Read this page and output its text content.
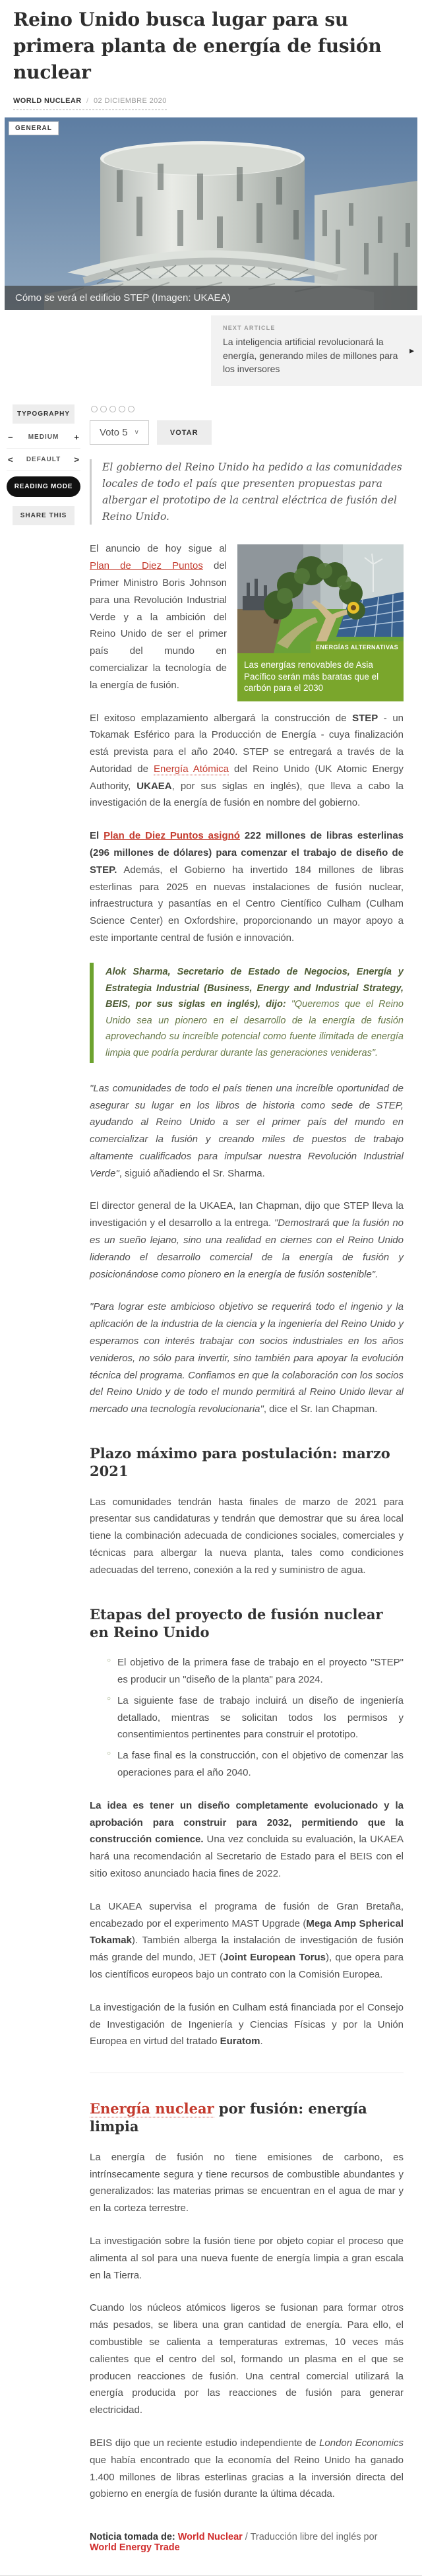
Reino Unido busca lugar para su primera planta de energía de fusión nuclear
WORLD NUCLEAR / 02 DICIEMBRE 2020
GENERAL
Cómo se verá el edificio STEP (Imagen: UKAEA)
NEXT ARTICLE
La inteligencia artificial revolucionará la energía, generando miles de millones para los inversores
▶
TYPOGRAPHY
− MEDIUM +
< DEFAULT >
READING MODE
SHARE THIS
Voto 5 ∨	VOTAR
El gobierno del Reino Unido ha pedido a las comunidades locales de todo el país que presenten propuestas para albergar el prototipo de la central eléctrica de fusión del Reino Unido.
ENERGÍAS ALTERNATIVAS
Las energías renovables de Asia Pacífico serán más baratas que el carbón para el 2030

El anuncio de hoy sigue al Plan de Diez Puntos del Primer Ministro Boris Johnson para una Revolución Industrial Verde y a la ambición del Reino Unido de ser el primer país del mundo en comercializar la tecnología de la energía de fusión.

El exitoso emplazamiento albergará la construcción de STEP - un Tokamak Esférico para la Producción de Energía - cuya finalización está prevista para el año 2040. STEP se entregará a través de la Autoridad de Energía Atómica del Reino Unido (UK Atomic Energy Authority, UKAEA, por sus siglas en inglés), que lleva a cabo la investigación de la energía de fusión en nombre del gobierno.

El Plan de Diez Puntos asignó 222 millones de libras esterlinas (296 millones de dólares) para comenzar el trabajo de diseño de STEP. Además, el Gobierno ha invertido 184 millones de libras esterlinas para 2025 en nuevas instalaciones de fusión nuclear, infraestructura y pasantías en el Centro Científico Culham (Culham Science Center) en Oxfordshire, proporcionando un mayor apoyo a este importante central de fusión e innovación.

Alok Sharma, Secretario de Estado de Negocios, Energía y Estrategia Industrial (Business, Energy and Industrial Strategy, BEIS, por sus siglas en inglés), dijo: "Queremos que el Reino Unido sea un pionero en el desarrollo de la energía de fusión aprovechando su increíble potencial como fuente ilimitada de energía limpia que podría perdurar durante las generaciones venideras".

"Las comunidades de todo el país tienen una increíble oportunidad de asegurar su lugar en los libros de historia como sede de STEP, ayudando al Reino Unido a ser el primer país del mundo en comercializar la fusión y creando miles de puestos de trabajo altamente cualificados para impulsar nuestra Revolución Industrial Verde", siguió añadiendo el Sr. Sharma.

El director general de la UKAEA, Ian Chapman, dijo que STEP lleva la investigación y el desarrollo a la entrega. "Demostrará que la fusión no es un sueño lejano, sino una realidad en ciernes con el Reino Unido liderando el desarrollo comercial de la energía de fusión y posicionándose como pionero en la energía de fusión sostenible".

"Para lograr este ambicioso objetivo se requerirá todo el ingenio y la aplicación de la industria de la ciencia y la ingeniería del Reino Unido y esperamos con interés trabajar con socios industriales en los años venideros, no sólo para invertir, sino también para apoyar la evolución técnica del programa. Confiamos en que la colaboración con los socios del Reino Unido y de todo el mundo permitirá al Reino Unido llevar al mercado una tecnología revolucionaria", dice el Sr. Ian Chapman.

Plazo máximo para postulación: marzo 2021

Las comunidades tendrán hasta finales de marzo de 2021 para presentar sus candidaturas y tendrán que demostrar que su área local tiene la combinación adecuada de condiciones sociales, comerciales y técnicas para albergar la nueva planta, tales como condiciones adecuadas del terreno, conexión a la red y suministro de agua.

Etapas del proyecto de fusión nuclear en Reino Unido
○ El objetivo de la primera fase de trabajo en el proyecto "STEP" es producir un "diseño de la planta" para 2024.
○ La siguiente fase de trabajo incluirá un diseño de ingeniería detallado, mientras se solicitan todos los permisos y consentimientos pertinentes para construir el prototipo.
○ La fase final es la construcción, con el objetivo de comenzar las operaciones para el año 2040.

La idea es tener un diseño completamente evolucionado y la aprobación para construir para 2032, permitiendo que la construcción comience. Una vez concluida su evaluación, la UKAEA hará una recomendación al Secretario de Estado para el BEIS con el sitio exitoso anunciado hacia fines de 2022.

La UKAEA supervisa el programa de fusión de Gran Bretaña, encabezado por el experimento MAST Upgrade (Mega Amp Spherical Tokamak). También alberga la instalación de investigación de fusión más grande del mundo, JET (Joint European Torus), que opera para los científicos europeos bajo un contrato con la Comisión Europea.

La investigación de la fusión en Culham está financiada por el Consejo de Investigación de Ingeniería y Ciencias Físicas y por la Unión Europea en virtud del tratado Euratom.

Energía nuclear por fusión: energía limpia

La energía de fusión no tiene emisiones de carbono, es intrínsecamente segura y tiene recursos de combustible abundantes y generalizados: las materias primas se encuentran en el agua de mar y en la corteza terrestre.

La investigación sobre la fusión tiene por objeto copiar el proceso que alimenta al sol para una nueva fuente de energía limpia a gran escala en la Tierra.

Cuando los núcleos atómicos ligeros se fusionan para formar otros más pesados, se libera una gran cantidad de energía. Para ello, el combustible se calienta a temperaturas extremas, 10 veces más calientes que el centro del sol, formando un plasma en el que se producen reacciones de fusión. Una central comercial utilizará la energía producida por las reacciones de fusión para generar electricidad.

BEIS dijo que un reciente estudio independiente de London Economics que había encontrado que la economía del Reino Unido ha ganado 1.400 millones de libras esterlinas gracias a la inversión directa del gobierno en energía de fusión durante la última década.

Noticia tomada de: World Nuclear / Traducción libre del inglés por World Energy Trade
